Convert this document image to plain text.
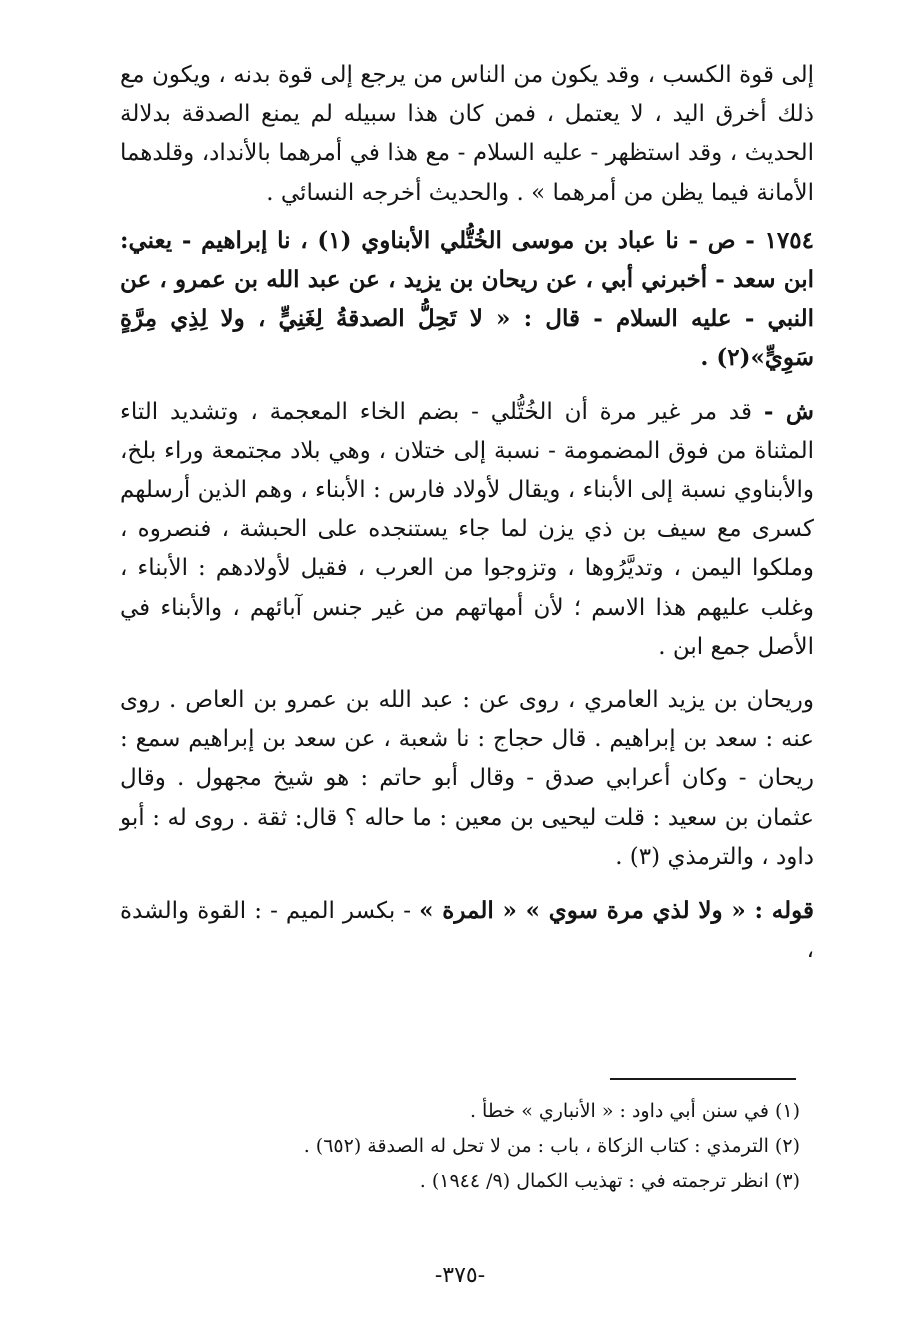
إلى قوة الكسب ، وقد يكون من الناس من يرجع إلى قوة بدنه ، ويكون مع ذلك أخرق اليد ، لا يعتمل ، فمن كان هذا سبيله لم يمنع الصدقة بدلالة الحديث ، وقد استظهر - عليه السلام - مع هذا في أمرهما بالأنداد، وقلدهما الأمانة فيما يظن من أمرهما » . والحديث أخرجه النسائي .

١٧٥٤ - ص - نا عباد بن موسى الخُتُّلي الأبناوي (١) ، نا إبراهيم - يعني: ابن سعد - أخبرني أبي ، عن ريحان بن يزيد ، عن عبد الله بن عمرو ، عن النبي - عليه السلام - قال : « لا تَحِلُّ الصدقةُ لِغَنِيٍّ ، ولا لِذِي مِرَّةٍ سَوِيٍّ»(٢) .

ش - قد مر غير مرة أن الخُتُّلي - بضم الخاء المعجمة ، وتشديد التاء المثناة من فوق المضمومة - نسبة إلى ختلان ، وهي بلاد مجتمعة وراء بلخ، والأبناوي نسبة إلى الأبناء ، ويقال لأولاد فارس : الأبناء ، وهم الذين أرسلهم كسرى مع سيف بن ذي يزن لما جاء يستنجده على الحبشة ، فنصروه ، وملكوا اليمن ، وتديَّرُوها ، وتزوجوا من العرب ، فقيل لأولادهم : الأبناء ، وغلب عليهم هذا الاسم ؛ لأن أمهاتهم من غير جنس آبائهم ، والأبناء في الأصل جمع ابن .

وريحان بن يزيد العامري ، روى عن : عبد الله بن عمرو بن العاص . روى عنه : سعد بن إبراهيم . قال حجاج : نا شعبة ، عن سعد بن إبراهيم سمع : ريحان - وكان أعرابي صدق - وقال أبو حاتم : هو شيخ مجهول . وقال عثمان بن سعيد : قلت ليحيى بن معين : ما حاله ؟ قال: ثقة . روى له : أبو داود ، والترمذي (٣) .

قوله : « ولا لذي مرة سوي » « المرة » - بكسر الميم - : القوة والشدة ،

(١) في سنن أبي داود : « الأنباري » خطأ .

(٢) الترمذي : كتاب الزكاة ، باب : من لا تحل له الصدقة (٦٥٢) .

(٣) انظر ترجمته في : تهذيب الكمال (٩/ ١٩٤٤) .

-٣٧٥-
